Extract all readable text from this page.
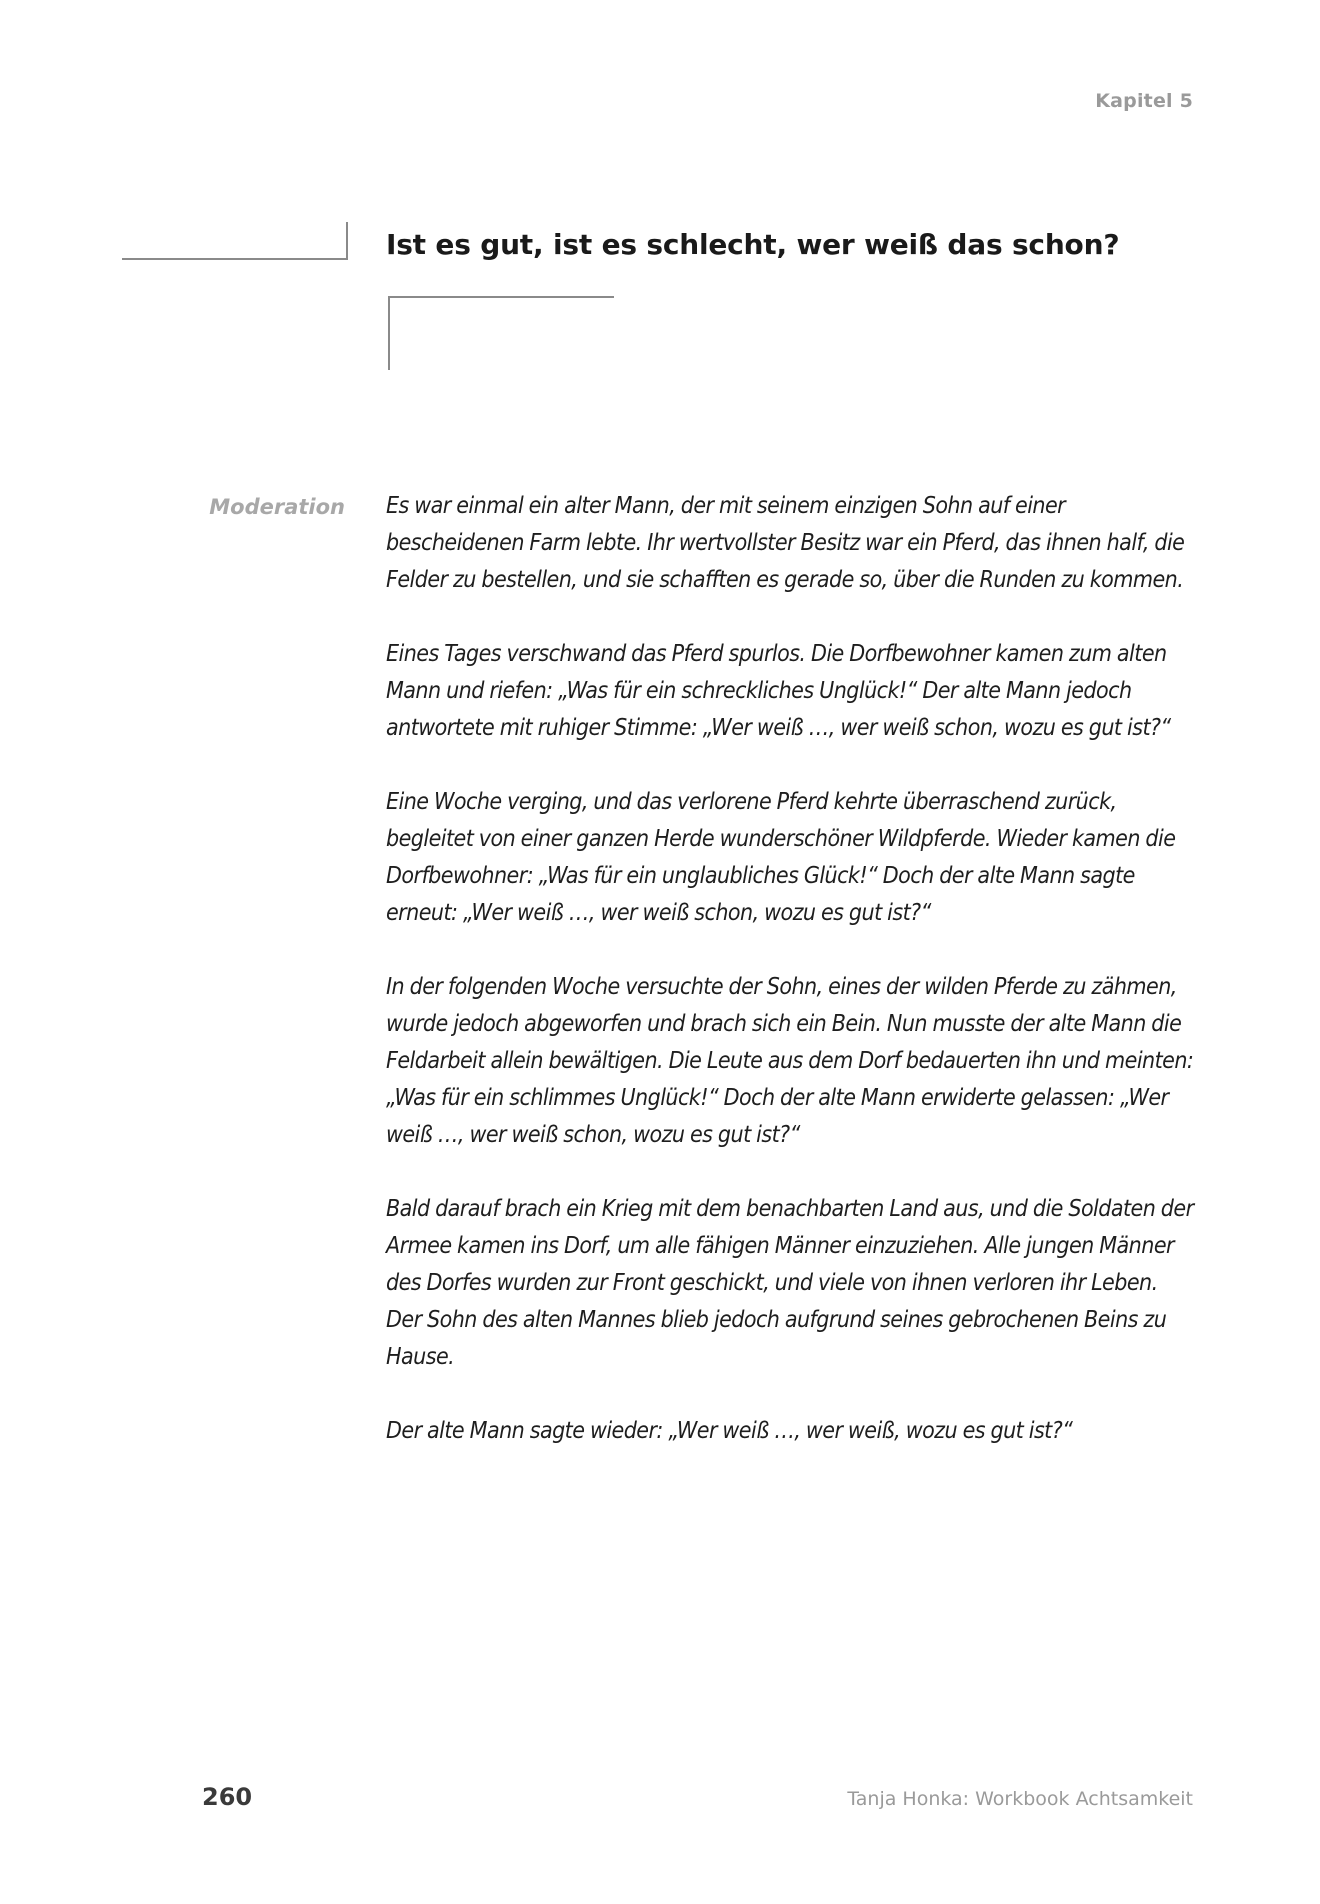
Kapitel 5
Ist es gut, ist es schlecht, wer weiß das schon?
Moderation Es war einmal ein alter Mann, der mit seinem einzigen Sohn auf einer bescheidenen Farm lebte. Ihr wertvollster Besitz war ein Pferd, das ihnen half, die Felder zu bestellen, und sie schafften es gerade so, über die Runden zu kommen.

Eines Tages verschwand das Pferd spurlos. Die Dorfbewohner kamen zum alten Mann und riefen: „Was für ein schreckliches Unglück!“ Der alte Mann jedoch antwortete mit ruhiger Stimme: „Wer weiß …, wer weiß schon, wozu es gut ist?“

Eine Woche verging, und das verlorene Pferd kehrte überraschend zurück, begleitet von einer ganzen Herde wunderschöner Wildpferde. Wieder kamen die Dorfbewohner: „Was für ein unglaubliches Glück!“ Doch der alte Mann sagte erneut: „Wer weiß …, wer weiß schon, wozu es gut ist?“

In der folgenden Woche versuchte der Sohn, eines der wilden Pferde zu zähmen, wurde jedoch abgeworfen und brach sich ein Bein. Nun musste der alte Mann die Feldarbeit allein bewältigen. Die Leute aus dem Dorf bedauerten ihn und meinten: „Was für ein schlimmes Unglück!“ Doch der alte Mann erwiderte gelassen: „Wer weiß …, wer weiß schon, wozu es gut ist?“

Bald darauf brach ein Krieg mit dem benachbarten Land aus, und die Soldaten der Armee kamen ins Dorf, um alle fähigen Männer einzuziehen. Alle jungen Männer des Dorfes wurden zur Front geschickt, und viele von ihnen verloren ihr Leben. Der Sohn des alten Mannes blieb jedoch aufgrund seines gebrochenen Beins zu Hause.

Der alte Mann sagte wieder: „Wer weiß …, wer weiß, wozu es gut ist?“

260	Tanja Honka: Workbook Achtsamkeit
